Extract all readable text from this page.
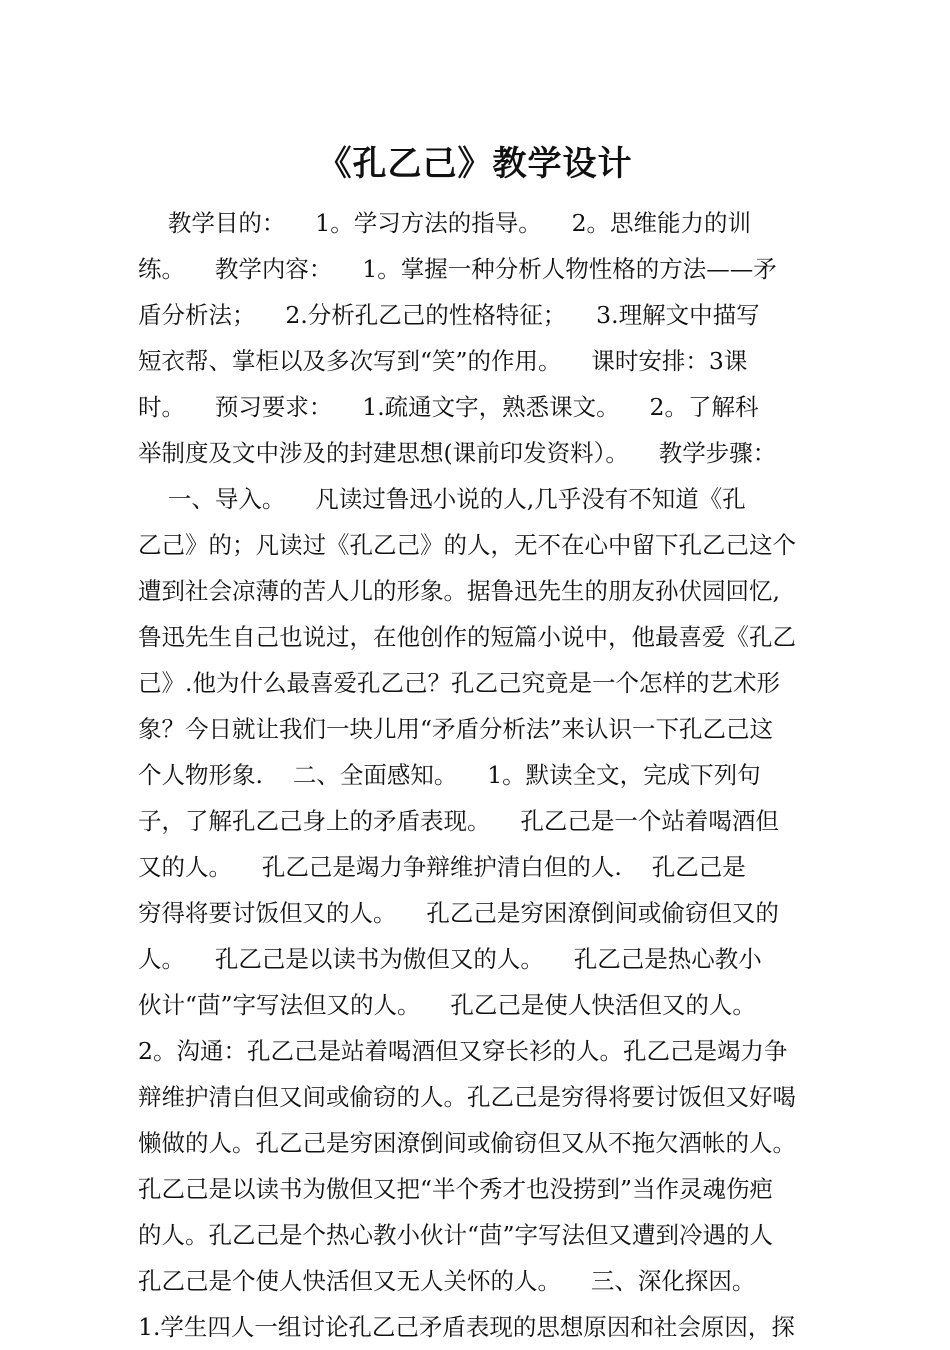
《孔乙己》教学设计
教学目的：    1。学习方法的指导。    2。思维能力的训
练。    教学内容：    1。掌握一种分析人物性格的方法——矛
盾分析法；    2.分析孔乙己的性格特征；    3.理解文中描写
短衣帮、掌柜以及多次写到“笑”的作用。    课时安排：3课
时。    预习要求：    1.疏通文字，熟悉课文。    2。了解科
举制度及文中涉及的封建思想(课前印发资料）。    教学步骤：
一、导入。    凡读过鲁迅小说的人,几乎没有不知道《孔
乙己》的；凡读过《孔乙己》的人，无不在心中留下孔乙己这个
遭到社会凉薄的苦人儿的形象。据鲁迅先生的朋友孙伏园回忆,
鲁迅先生自己也说过，在他创作的短篇小说中，他最喜爱《孔乙
己》.他为什么最喜爱孔乙己？孔乙己究竟是一个怎样的艺术形
象？今日就让我们一块儿用“矛盾分析法”来认识一下孔乙己这
个人物形象.    二、全面感知。    1。默读全文，完成下列句
子，了解孔乙己身上的矛盾表现。    孔乙己是一个站着喝酒但
又的人。    孔乙己是竭力争辩维护清白但的人.    孔乙己是
穷得将要讨饭但又的人。    孔乙己是穷困潦倒间或偷窃但又的
人。    孔乙己是以读书为傲但又的人。    孔乙己是热心教小
伙计“茴”字写法但又的人。    孔乙己是使人快活但又的人。
2。沟通：孔乙己是站着喝酒但又穿长衫的人。孔乙己是竭力争
辩维护清白但又间或偷窃的人。孔乙己是穷得将要讨饭但又好喝
懒做的人。孔乙己是穷困潦倒间或偷窃但又从不拖欠酒帐的人。
孔乙己是以读书为傲但又把“半个秀才也没捞到”当作灵魂伤疤
的人。孔乙己是个热心教小伙计“茴”字写法但又遭到冷遇的人
孔乙己是个使人快活但又无人关怀的人。    三、深化探因。
1.学生四人一组讨论孔乙己矛盾表现的思想原因和社会原因，探
